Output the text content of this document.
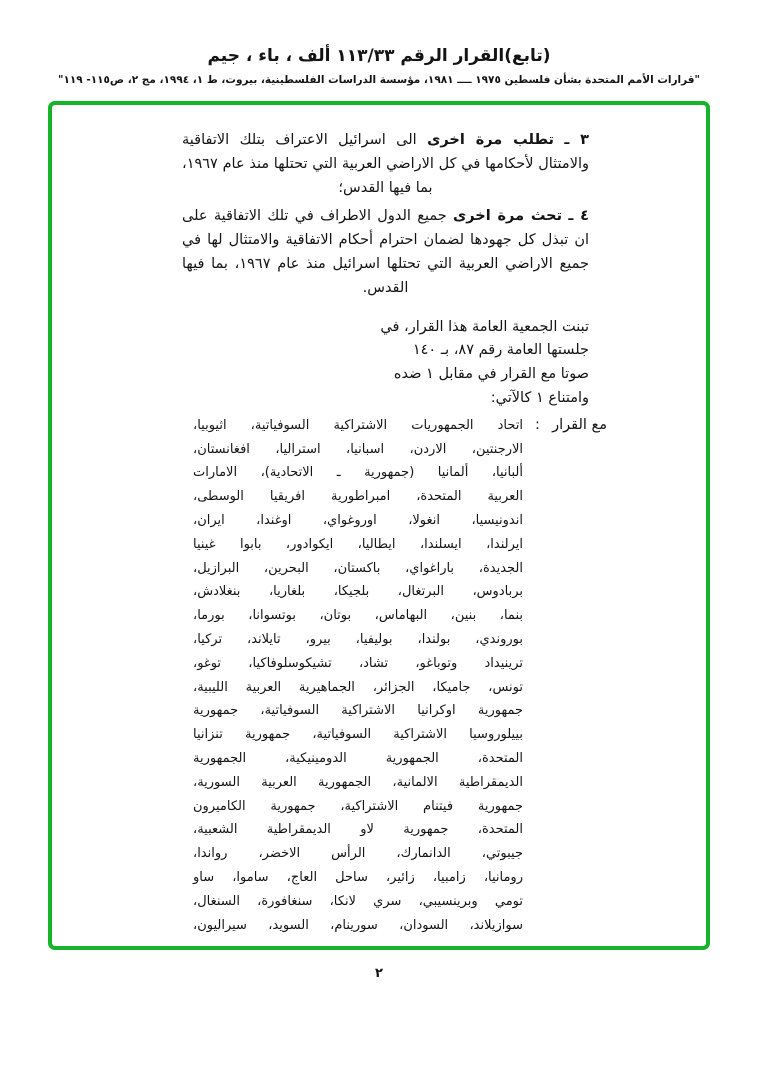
(تابع)القرار الرقم ١١٣/٣٣ ألف ، باء ، جيم
"قرارات الأمم المتحدة بشأن فلسطين ١٩٧٥ ــــ ١٩٨١، مؤسسة الدراسات الفلسطينية، بيروت، ط ١، ١٩٩٤، مج ٢، ص١١٥- ١١٩"

٣ ـ تطلب مرة اخرى الى اسرائيل الاعتراف بتلك الاتفاقية والامتثال لأحكامها في كل الاراضي العربية التي تحتلها منذ عام ١٩٦٧، بما فيها القدس؛

٤ ـ تحث مرة اخرى جميع الدول الاطراف في تلك الاتفاقية على ان تبذل كل جهودها لضمان احترام أحكام الاتفاقية والامتثال لها في جميع الاراضي العربية التي تحتلها اسرائيل منذ عام ١٩٦٧، بما فيها القدس.

تبنت الجمعية العامة هذا القرار، في
جلستها العامة رقم ٨٧، بـ ١٤٠
صوتا مع القرار في مقابل ١ ضده
وامتناع ١ كالآتي:
مع القرار
:
اتحاد الجمهوريات الاشتراكية السوفياتية، اثيوبيا،
الارجنتين، الاردن، اسبانيا، استراليا، افغانستان،
ألبانيا، ألمانيا (جمهورية ـ الاتحادية)، الامارات
العربية المتحدة، امبراطورية افريقيا الوسطى،
اندونيسيا، انغولا، اوروغواي، اوغندا، ايران،
ايرلندا، ايسلندا، ايطاليا، ايكوادور، بابوا غينيا
الجديدة، باراغواي، باكستان، البحرين، البرازيل،
بربادوس، البرتغال، بلجيكا، بلغاريا، بنغلادش،
بنما، بنين، البهاماس، بوتان، بوتسوانا، بورما،
بوروندي، بولندا، بوليفيا، بيرو، تايلاند، تركيا،
ترينيداد وتوباغو، تشاد، تشيكوسلوفاكيا، توغو،
تونس، جاميكا، الجزائر، الجماهيرية العربية الليبية،
جمهورية اوكرانيا الاشتراكية السوفياتية، جمهورية
بييلوروسيا الاشتراكية السوفياتية، جمهورية تنزانيا
المتحدة، الجمهورية الدومينيكية، الجمهورية
الديمقراطية الالمانية، الجمهورية العربية السورية،
جمهورية فيتنام الاشتراكية، جمهورية الكاميرون
المتحدة، جمهورية لاو الديمقراطية الشعبية،
جيبوتي، الدانمارك، الرأس الاخضر، رواندا،
رومانيا، زامبيا، زائير، ساحل العاج، ساموا، ساو
تومي وبرينسيبي، سري لانكا، سنغافورة، السنغال،
سوازيلاند، السودان، سورينام، السويد، سيراليون،
٢
